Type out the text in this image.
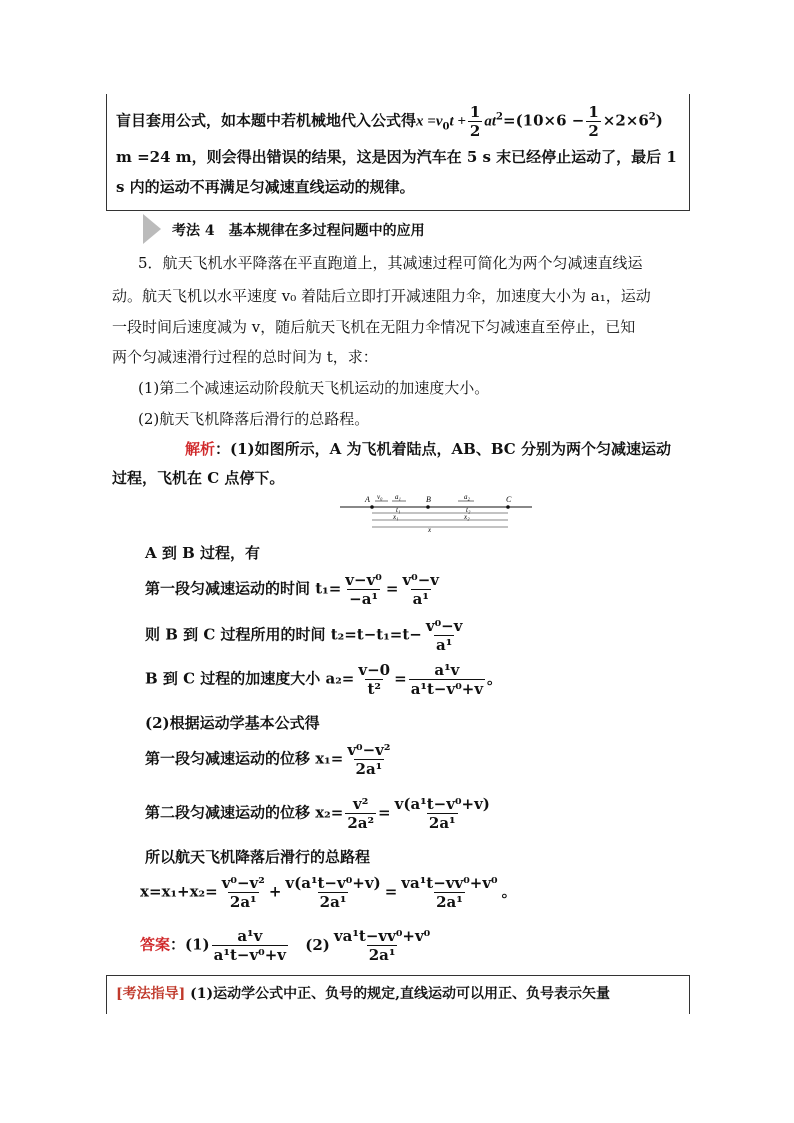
盲目套用公式，如本题中若机械地代入公式得$x =v_0t + \frac{1}{2} at^2=(10\times 6 - \frac{1}{2} \times 2\times 6^2)$
m =24 m，则会得出错误的结果，这是因为汽车在 5 s 末已经停止运动了，最后 1
s 内的运动不再满足匀减速直线运动的规律。
考法 4　基本规律在多过程问题中的应用
5．航天飞机水平降落在平直跑道上，其减速过程可简化为两个匀减速直线运
动。航天飞机以水平速度 v₀ 着陆后立即打开减速阻力伞，加速度大小为 a₁，运动
一段时间后速度减为 v，随后航天飞机在无阻力伞情况下匀减速直至停止，已知
两个匀减速滑行过程的总时间为 t，求：
(1)第二个减速运动阶段航天飞机运动的加速度大小。
(2)航天飞机降落后滑行的总路程。
解析：(1)如图所示，A 为飞机着陆点，AB、BC 分别为两个匀减速运动
过程，飞机在 C 点停下。
A	B	C
v₀ a₁	a₂
t₁	t₂
x₁	x₂
x
A 到 B 过程，有
第一段匀减速运动的时间 $t_1= \frac{\text{v−v⁰}}{\text{−a¹}} = \frac{\text{v⁰−v}}{\text{a¹}}$
则 B 到 C 过程所用的时间 $t_2=t-t_1=t- \frac{\text{v⁰−v}}{\text{a¹}}$
B 到 C 过程的加速度大小 $a_2= \frac{v-0}{\text{t²}} = \frac{\text{a¹v}}{\text{a¹t−v⁰+v}}$ 。
(2)根据运动学基本公式得
第一段匀减速运动的位移 $x_1= \frac{\text{v⁰−v²}}{\text{2a¹}}$
第二段匀减速运动的位移 $x_2= \frac{\text{v²}}{\text{2a²}} = \frac{\text{v(a¹t−v⁰+v)}}{\text{2a¹}}$
所以航天飞机降落后滑行的总路程
$x=x_1+x_2= \frac{\text{v⁰−v²}}{\text{2a¹}} + \frac{\text{v(a¹t−v⁰+v)}}{\text{2a¹}} = \frac{\text{va¹t−vv⁰+v⁰}}{\text{2a¹}}$ 。
答案：$(1) \frac{\text{a¹v}}{\text{a¹t−v⁰+v}} (2) \frac{\text{va¹t−vv⁰+v⁰}}{\text{2a¹}}$
[考法指导] (1)运动学公式中正、负号的规定,直线运动可以用正、负号表示矢量
